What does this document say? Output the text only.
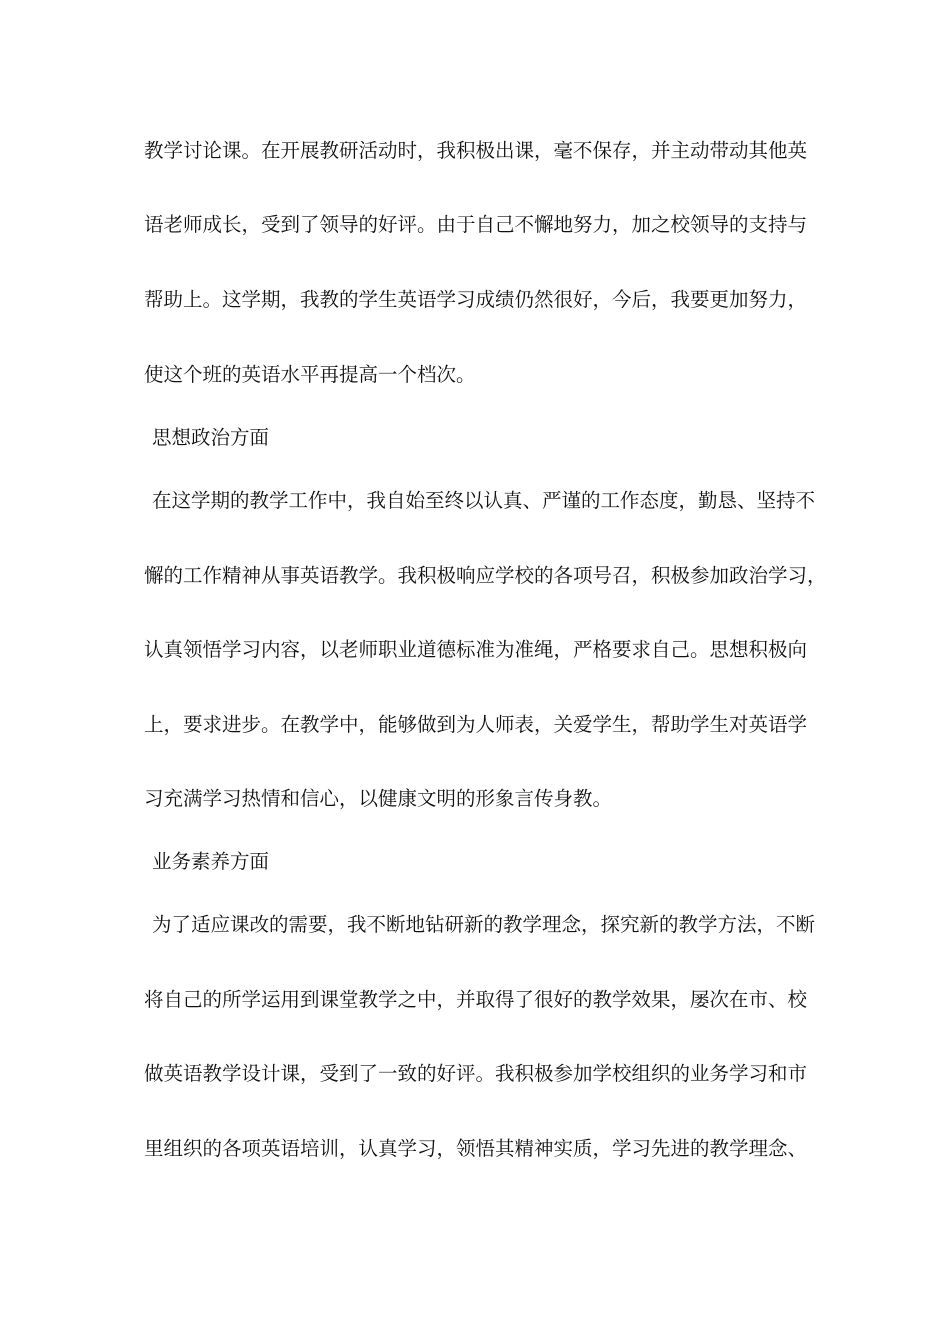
教学讨论课。在开展教研活动时，我积极出课，毫不保存，并主动带动其他英
语老师成长，受到了领导的好评。由于自己不懈地努力，加之校领导的支持与
帮助上。这学期，我教的学生英语学习成绩仍然很好，今后，我要更加努力，
使这个班的英语水平再提高一个档次。
思想政治方面
在这学期的教学工作中，我自始至终以认真、严谨的工作态度，勤恳、坚持不
懈的工作精神从事英语教学。我积极响应学校的各项号召，积极参加政治学习，
认真领悟学习内容，以老师职业道德标准为准绳，严格要求自己。思想积极向
上，要求进步。在教学中，能够做到为人师表，关爱学生，帮助学生对英语学
习充满学习热情和信心，以健康文明的形象言传身教。
业务素养方面
为了适应课改的需要，我不断地钻研新的教学理念，探究新的教学方法，不断
将自己的所学运用到课堂教学之中，并取得了很好的教学效果，屡次在市、校
做英语教学设计课，受到了一致的好评。我积极参加学校组织的业务学习和市
里组织的各项英语培训，认真学习，领悟其精神实质，学习先进的教学理念、
